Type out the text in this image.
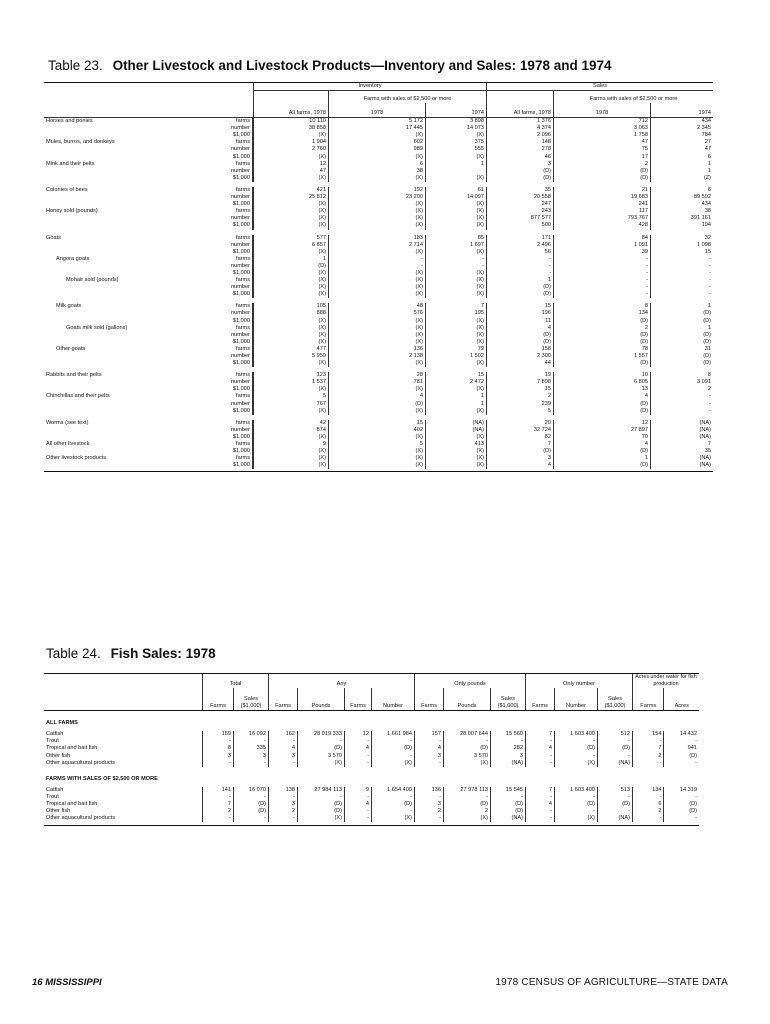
Table 23. Other Livestock and Livestock Products—Inventory and Sales: 1978 and 1974
	Inventory			Sales		
		Farms with sales of $2,500 or more			Farms with sales of $2,500 or more	
	All farms, 1978	1978	1974	All farms, 1978	1978	1974

Horses and ponies	farms	10 110	5 172	3 898	1 376	712	434

number	38 858	17 445	14 073	4 374	3 063	2 345

$1,000	(X)	(X)	(X)	2 096	1 758	784

Mules, burros, and donkeys	farms	1 904	602	375	148	47	27

number	2 760	989	555	278	75	47

$1,000	(X)	(X)	(X)	46	17	6

Mink and their pelts	farms	12	6	1	3	2	1

number	47	38		(D)	(D)	1

$1,000	(X)	(X)	(X)	(D)	(D)	(Z)

Colonies of bees	farms	421	192	61	35	21	6

number	25 812	23 200	14 097	20 558	19 683	89 592

$1,000	(X)	(X)	(X)	247	241	434

Honey sold (pounds)	farms	(X)	(X)	(X)	243	117	38

number	(X)	(X)	(X)	877 577	793 767	391 161

$1,000	(X)	(X)	(X)	500	428	194

Goats	farms	577	183	85	171	84	32

number	6 857	2 714	1 697	2 496	1 091	1 098

$1,000	(X)	(X)	(X)	56	39	15

Angora goats	farms	1	-	-	-	-	-

number	(D)	-	-	-	-	-

$1,000	(X)	(X)	(X)	-	-	-

Mohair sold (pounds)	farms	(X)	(X)	(X)	1	-	-

number	(X)	(X)	(X)	(D)	-	-

$1,000	(X)	(X)	(X)	(D)	-	-

Milk goats	farms	105	48	7	15	8	1

number	888	576	195	196	134	(D)

$1,000	(X)	(X)	(X)	11	(D)	(D)

Goats milk sold (gallons)	farms	(X)	(X)	(X)	4	2	1

number	(X)	(X)	(X)	(D)	(D)	(D)

$1,000	(X)	(X)	(X)	(D)	(D)	(D)

Other goats	farms	477	136	79	158	78	31

number	5 959	2 138	1 502	2 300	1 557	(D)

$1,000	(X)	(X)	(X)	44	(D)	(D)

Rabbits and their pelts	farms	123	28	15	19	10	8

number	1 537	781	2 472	7 898	6 805	3 091

$1,000	(X)	(X)	(X)	15	13	2

Chinchillas and their pelts	farms	5	4	1	2	4	-

number	767	(D)	1	239	(D)	-

$1,000	(X)	(X)	(X)	5	(D)	-

Worms (see text)	farms	42	15	(NA)	20	12	(NA)

number	874	402	(NA)	32 724	27 897	(NA)

$1,000	(X)	(X)	(X)	82	70	(NA)

All other livestock	farms	9	5	413	7	4	7

$1,000	(X)	(X)	(X)	(D)	(D)	35

Other livestock products	farms	(X)	(X)	(X)	3	1	(NA)

$1,000	(X)	(X)	(X)	4	(D)	(NA)

Table 24. Fish Sales: 1978
	Total		Any				Only pounds			Only number			Acres under water for fish production	
	Farms	Sales ($1,000)	Farms	Pounds	Farms	Number	Farms	Pounds	Sales ($1,000)	Farms	Number	Sales ($1,000)	Farms	Acres

ALL FARMS														
Catfish	169	16 092	162	28 019 333	12	1 661 984	157	28 007 644	15 560	7	1 603 400	512	154	14 432
Trout	-	-	-	-	-	-	-	-	-	-	-	-	-	-
Tropical and bait fish	8	335	4	(D)	4	(D)	4	(D)	282	4	(D)	(D)	7	941
Other fish	3	3	3	3 570	-	-	3	3 570	3	-	-	-	2	(D)
Other aquacultural products	-	-	-	(X)	-	(X)	-	(X)	(NA)	-	(X)	(NA)	-	-

FARMS WITH SALES OF $2,500 OR MORE														
Catfish	141	16 070	138	27 984 113	9	1 654 400	136	27 978 113	15 545	7	1 603 400	513	134	14 319
Trout	-	-	-	-	-	-	-	-	-	-	-	-	-	-
Tropical and bait fish	7	(D)	3	(D)	4	(D)	3	(D)	(D)	4	(D)	(D)	6	(D)
Other fish	2	(D)	2	(D)	-	-	2	2	(D)	-	-	-	2	(D)
Other aquacultural products	-	-	-	(X)	-	(X)	-	(X)	(NA)	-	(X)	(NA)	-	-

16 MISSISSIPPI	1978 CENSUS OF AGRICULTURE—STATE DATA
